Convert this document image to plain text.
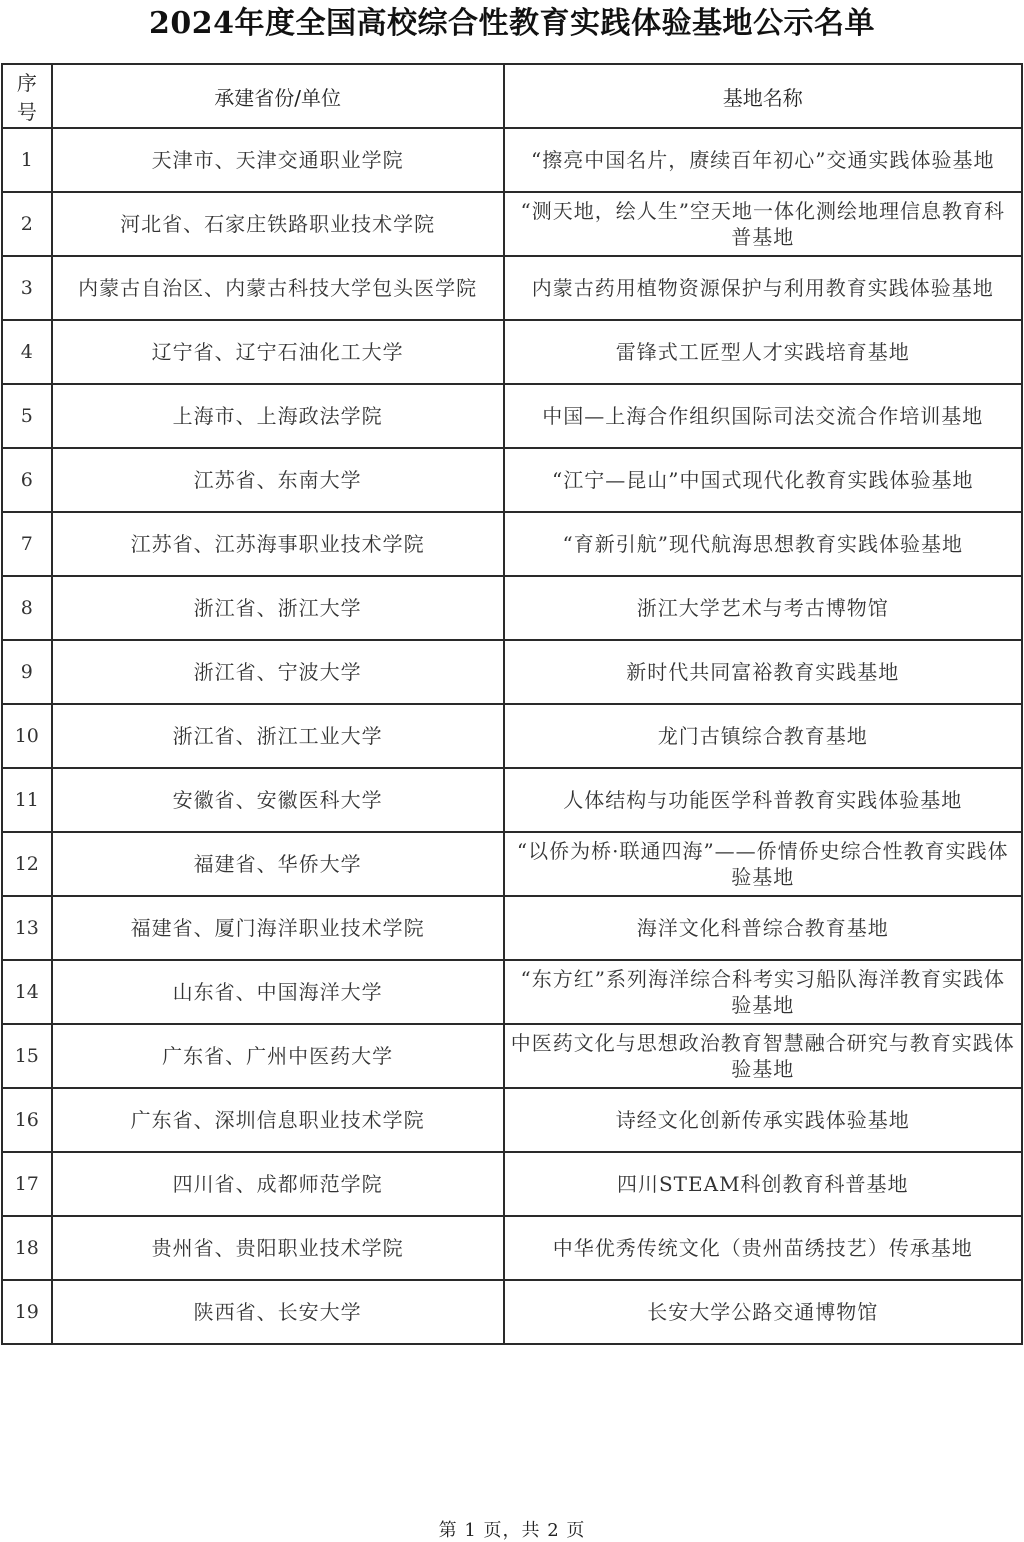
2024年度全国高校综合性教育实践体验基地公示名单
序号	承建省份/单位	基地名称
1	天津市、天津交通职业学院	“擦亮中国名片，赓续百年初心”交通实践体验基地
2	河北省、石家庄铁路职业技术学院	“测天地，绘人生”空天地一体化测绘地理信息教育科普基地
3	内蒙古自治区、内蒙古科技大学包头医学院	内蒙古药用植物资源保护与利用教育实践体验基地
4	辽宁省、辽宁石油化工大学	雷锋式工匠型人才实践培育基地
5	上海市、上海政法学院	中国—上海合作组织国际司法交流合作培训基地
6	江苏省、东南大学	“江宁—昆山”中国式现代化教育实践体验基地
7	江苏省、江苏海事职业技术学院	“育新引航”现代航海思想教育实践体验基地
8	浙江省、浙江大学	浙江大学艺术与考古博物馆
9	浙江省、宁波大学	新时代共同富裕教育实践基地
10	浙江省、浙江工业大学	龙门古镇综合教育基地
11	安徽省、安徽医科大学	人体结构与功能医学科普教育实践体验基地
12	福建省、华侨大学	“以侨为桥·联通四海”——侨情侨史综合性教育实践体验基地
13	福建省、厦门海洋职业技术学院	海洋文化科普综合教育基地
14	山东省、中国海洋大学	“东方红”系列海洋综合科考实习船队海洋教育实践体验基地
15	广东省、广州中医药大学	中医药文化与思想政治教育智慧融合研究与教育实践体验基地
16	广东省、深圳信息职业技术学院	诗经文化创新传承实践体验基地
17	四川省、成都师范学院	四川STEAM科创教育科普基地
18	贵州省、贵阳职业技术学院	中华优秀传统文化（贵州苗绣技艺）传承基地
19	陕西省、长安大学	长安大学公路交通博物馆
第 1 页，共 2 页
